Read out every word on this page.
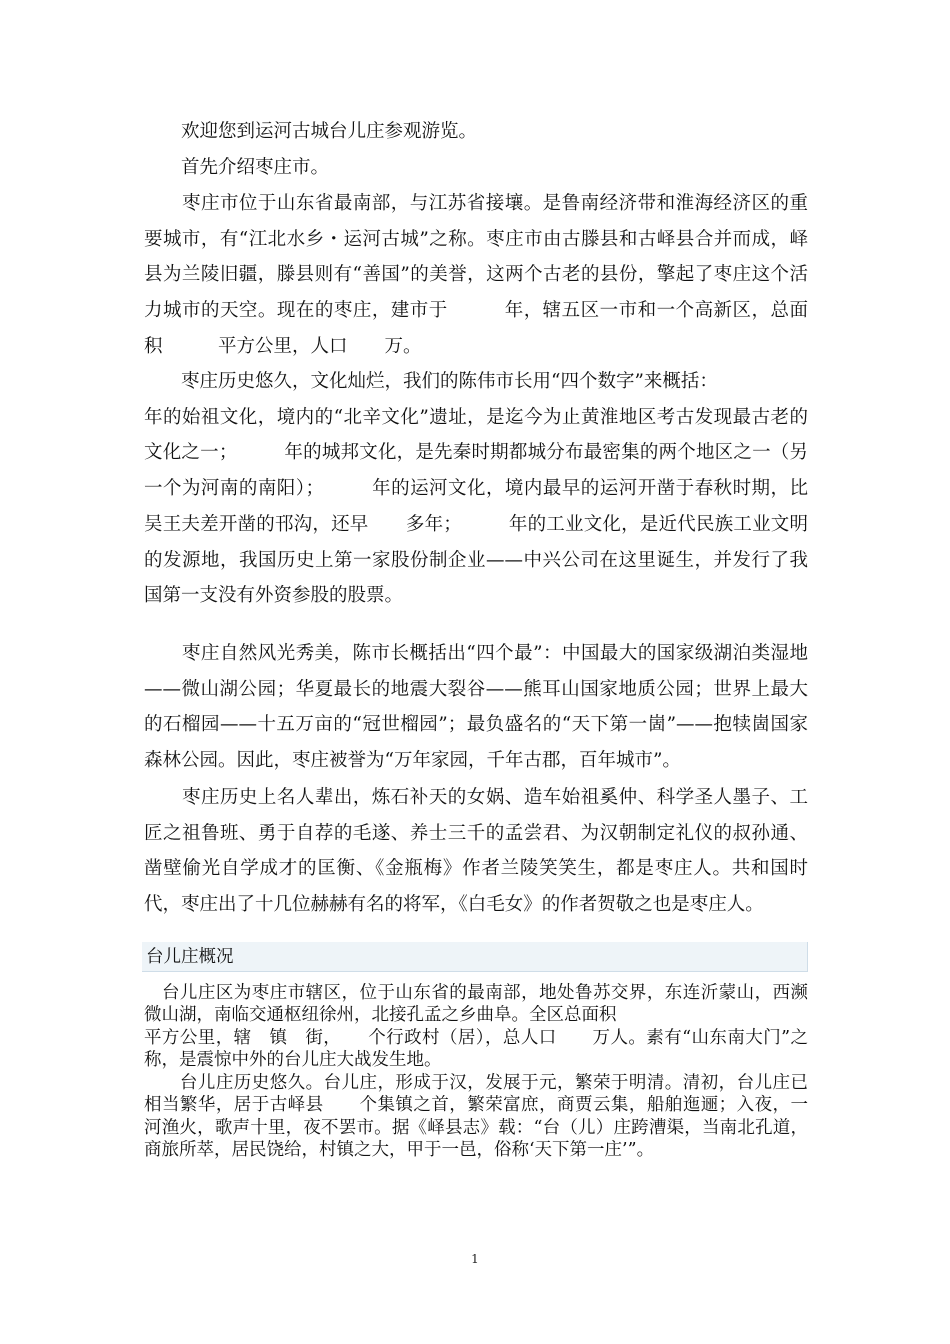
　　欢迎您到运河古城台儿庄参观游览。

　　首先介绍枣庄市。

　　枣庄市位于山东省最南部，与江苏省接壤。是鲁南经济带和淮海经济区的重要城市，有“江北水乡・运河古城”之称。枣庄市由古滕县和古峄县合并而成，峄县为兰陵旧疆，滕县则有“善国”的美誉，这两个古老的县份，擎起了枣庄这个活力城市的天空。现在的枣庄，建市于　　　年，辖五区一市和一个高新区，总面积　　　平方公里，人口　　万。

　　枣庄历史悠久，文化灿烂，我们的陈伟市长用“四个数字”来概括：
年的始祖文化，境内的“北辛文化”遗址，是迄今为止黄淮地区考古发现最古老的文化之一；　　　年的城邦文化，是先秦时期都城分布最密集的两个地区之一（另一个为河南的南阳）；　　　年的运河文化，境内最早的运河开凿于春秋时期，比吴王夫差开凿的邗沟，还早　　多年；　　　年的工业文化，是近代民族工业文明的发源地，我国历史上第一家股份制企业——中兴公司在这里诞生，并发行了我国第一支没有外资参股的股票。

　　枣庄自然风光秀美，陈市长概括出“四个最”：中国最大的国家级湖泊类湿地——微山湖公园；华夏最长的地震大裂谷——熊耳山国家地质公园；世界上最大的石榴园——十五万亩的“冠世榴园”；最负盛名的“天下第一崮”——抱犊崮国家森林公园。因此，枣庄被誉为“万年家园，千年古郡，百年城市”。

　　枣庄历史上名人辈出，炼石补天的女娲、造车始祖奚仲、科学圣人墨子、工匠之祖鲁班、勇于自荐的毛遂、养士三千的孟尝君、为汉朝制定礼仪的叔孙通、凿壁偷光自学成才的匡衡、《金瓶梅》作者兰陵笑笑生，都是枣庄人。共和国时代，枣庄出了十几位赫赫有名的将军，《白毛女》的作者贺敬之也是枣庄人。

台儿庄概况

　台儿庄区为枣庄市辖区，位于山东省的最南部，地处鲁苏交界，东连沂蒙山，西濒微山湖，南临交通枢纽徐州，北接孔孟之乡曲阜。全区总面积
平方公里，辖　镇　街，　　个行政村（居），总人口　　万人。素有“山东南大门”之称，是震惊中外的台儿庄大战发生地。

　　台儿庄历史悠久。台儿庄，形成于汉，发展于元，繁荣于明清。清初，台儿庄已相当繁华，居于古峄县　　个集镇之首，繁荣富庶，商贾云集，船舶迤逦；入夜，一河渔火，歌声十里，夜不罢市。据《峄县志》载：“台（儿）庄跨漕渠，当南北孔道，商旅所萃，居民饶给，村镇之大，甲于一邑，俗称‘天下第一庄’”。

1
